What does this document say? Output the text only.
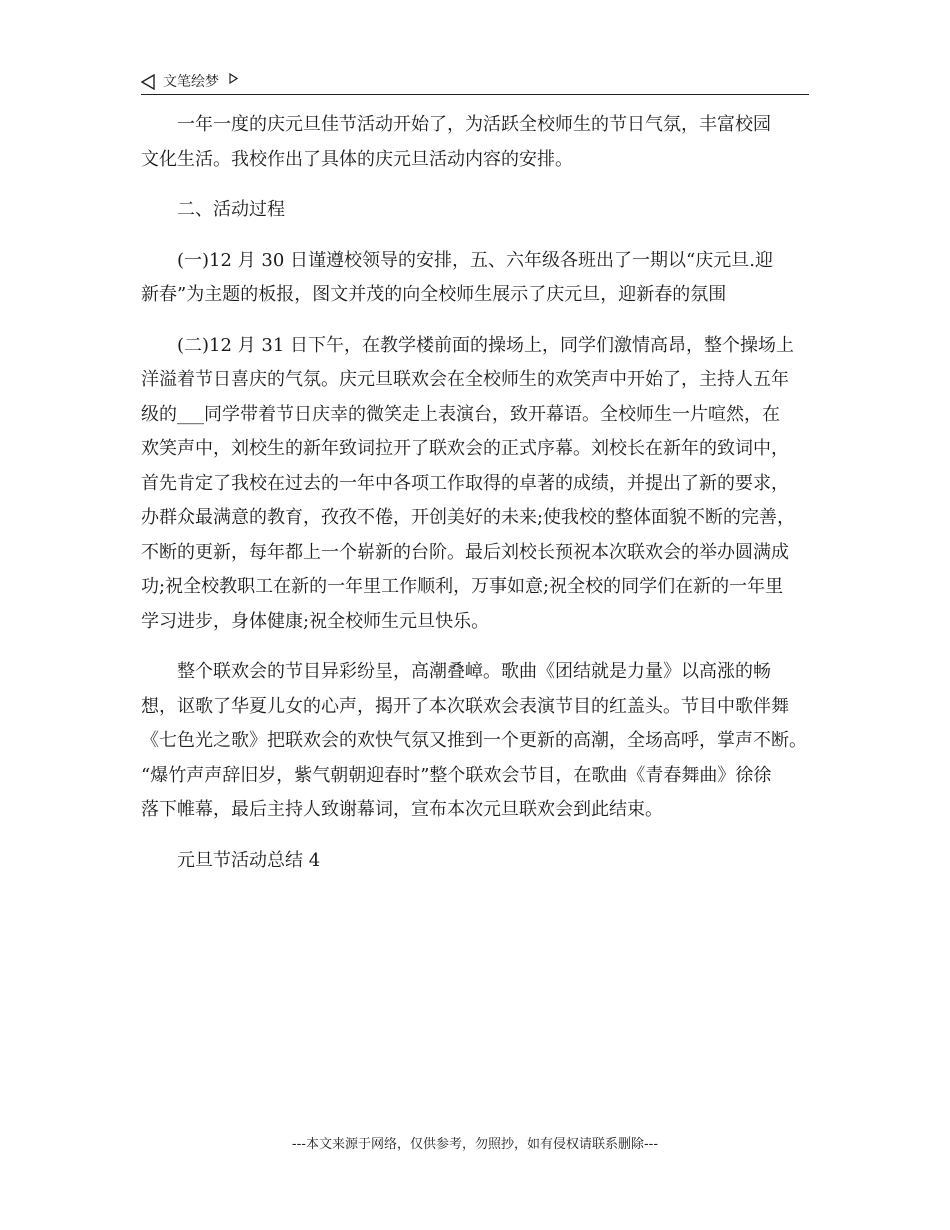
文笔绘梦
一年一度的庆元旦佳节活动开始了，为活跃全校师生的节日气氛，丰富校园
文化生活。我校作出了具体的庆元旦活动内容的安排。
二、活动过程
(一)12 月 30 日谨遵校领导的安排，五、六年级各班出了一期以“庆元旦.迎
新春”为主题的板报，图文并茂的向全校师生展示了庆元旦，迎新春的氛围
(二)12 月 31 日下午，在教学楼前面的操场上，同学们激情高昂，整个操场上
洋溢着节日喜庆的气氛。庆元旦联欢会在全校师生的欢笑声中开始了，主持人五年
级的___同学带着节日庆幸的微笑走上表演台，致开幕语。全校师生一片喧然，在
欢笑声中，刘校生的新年致词拉开了联欢会的正式序幕。刘校长在新年的致词中，
首先肯定了我校在过去的一年中各项工作取得的卓著的成绩，并提出了新的要求，
办群众最满意的教育，孜孜不倦，开创美好的未来;使我校的整体面貌不断的完善，
不断的更新，每年都上一个崭新的台阶。最后刘校长预祝本次联欢会的举办圆满成
功;祝全校教职工在新的一年里工作顺利，万事如意;祝全校的同学们在新的一年里
学习进步，身体健康;祝全校师生元旦快乐。
整个联欢会的节目异彩纷呈，高潮叠嶂。歌曲《团结就是力量》以高涨的畅
想，讴歌了华夏儿女的心声，揭开了本次联欢会表演节目的红盖头。节目中歌伴舞
《七色光之歌》把联欢会的欢快气氛又推到一个更新的高潮，全场高呼，掌声不断。
“爆竹声声辞旧岁，紫气朝朝迎春时”整个联欢会节目，在歌曲《青春舞曲》徐徐
落下帷幕，最后主持人致谢幕词，宣布本次元旦联欢会到此结束。
元旦节活动总结 4
---本文来源于网络，仅供参考，勿照抄，如有侵权请联系删除---
